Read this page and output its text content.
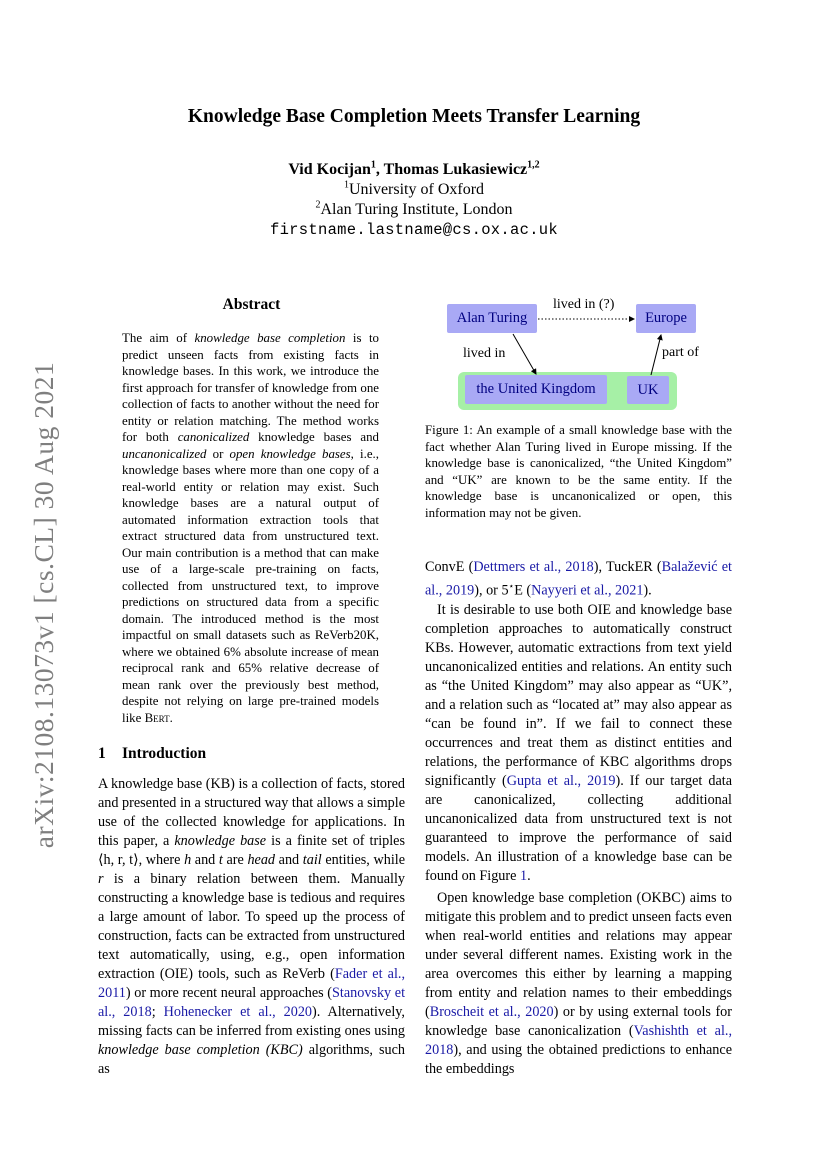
arXiv:2108.13073v1 [cs.CL] 30 Aug 2021
Knowledge Base Completion Meets Transfer Learning
Vid Kocijan$^1$, Thomas Lukasiewicz$^{1,2}$
$^1$University of Oxford
$^2$Alan Turing Institute, London
firstname.lastname@cs.ox.ac.uk
Abstract
The aim of knowledge base completion is to predict unseen facts from existing facts in knowledge bases. In this work, we introduce the first approach for transfer of knowledge from one collection of facts to another without the need for entity or relation matching. The method works for both canonicalized knowledge bases and uncanonicalized or open knowledge bases, i.e., knowledge bases where more than one copy of a real-world entity or relation may exist. Such knowledge bases are a natural output of automated information extraction tools that extract structured data from unstructured text. Our main contribution is a method that can make use of a large-scale pre-training on facts, collected from unstructured text, to improve predictions on structured data from a specific domain. The introduced method is the most impactful on small datasets such as ReVerb20K, where we obtained 6% absolute increase of mean reciprocal rank and 65% relative decrease of mean rank over the previously best method, despite not relying on large pre-trained models like Bert.
1 Introduction

A knowledge base (KB) is a collection of facts, stored and presented in a structured way that allows a simple use of the collected knowledge for applications. In this paper, a knowledge base is a finite set of triples ⟨h, r, t⟩, where h and t are head and tail entities, while r is a binary relation between them. Manually constructing a knowledge base is tedious and requires a large amount of labor. To speed up the process of construction, facts can be extracted from unstructured text automatically, using, e.g., open information extraction (OIE) tools, such as ReVerb (Fader et al., 2011) or more recent neural approaches (Stanovsky et al., 2018; Hohenecker et al., 2020). Alternatively, missing facts can be inferred from existing ones using knowledge base completion (KBC) algorithms, such as

Alan Turing	Europe
the United Kingdom	UK
lived in (?)
lived in	part of

Figure 1: An example of a small knowledge base with the fact whether Alan Turing lived in Europe missing. If the knowledge base is canonicalized, “the United Kingdom” and “UK” are known to be the same entity. If the knowledge base is uncanonicalized or open, this information may not be given.

ConvE (Dettmers et al., 2018), TuckER (Balažević et al., 2019), or 5⋆E (Nayyeri et al., 2021).

It is desirable to use both OIE and knowledge base completion approaches to automatically construct KBs. However, automatic extractions from text yield uncanonicalized entities and relations. An entity such as “the United Kingdom” may also appear as “UK”, and a relation such as “located at” may also appear as “can be found in”. If we fail to connect these occurrences and treat them as distinct entities and relations, the performance of KBC algorithms drops significantly (Gupta et al., 2019). If our target data are canonicalized, collecting additional uncanonicalized data from unstructured text is not guaranteed to improve the performance of said models. An illustration of a knowledge base can be found on Figure 1.

Open knowledge base completion (OKBC) aims to mitigate this problem and to predict unseen facts even when real-world entities and relations may appear under several different names. Existing work in the area overcomes this either by learning a mapping from entity and relation names to their embeddings (Broscheit et al., 2020) or by using external tools for knowledge base canonicalization (Vashishth et al., 2018), and using the obtained predictions to enhance the embeddings
